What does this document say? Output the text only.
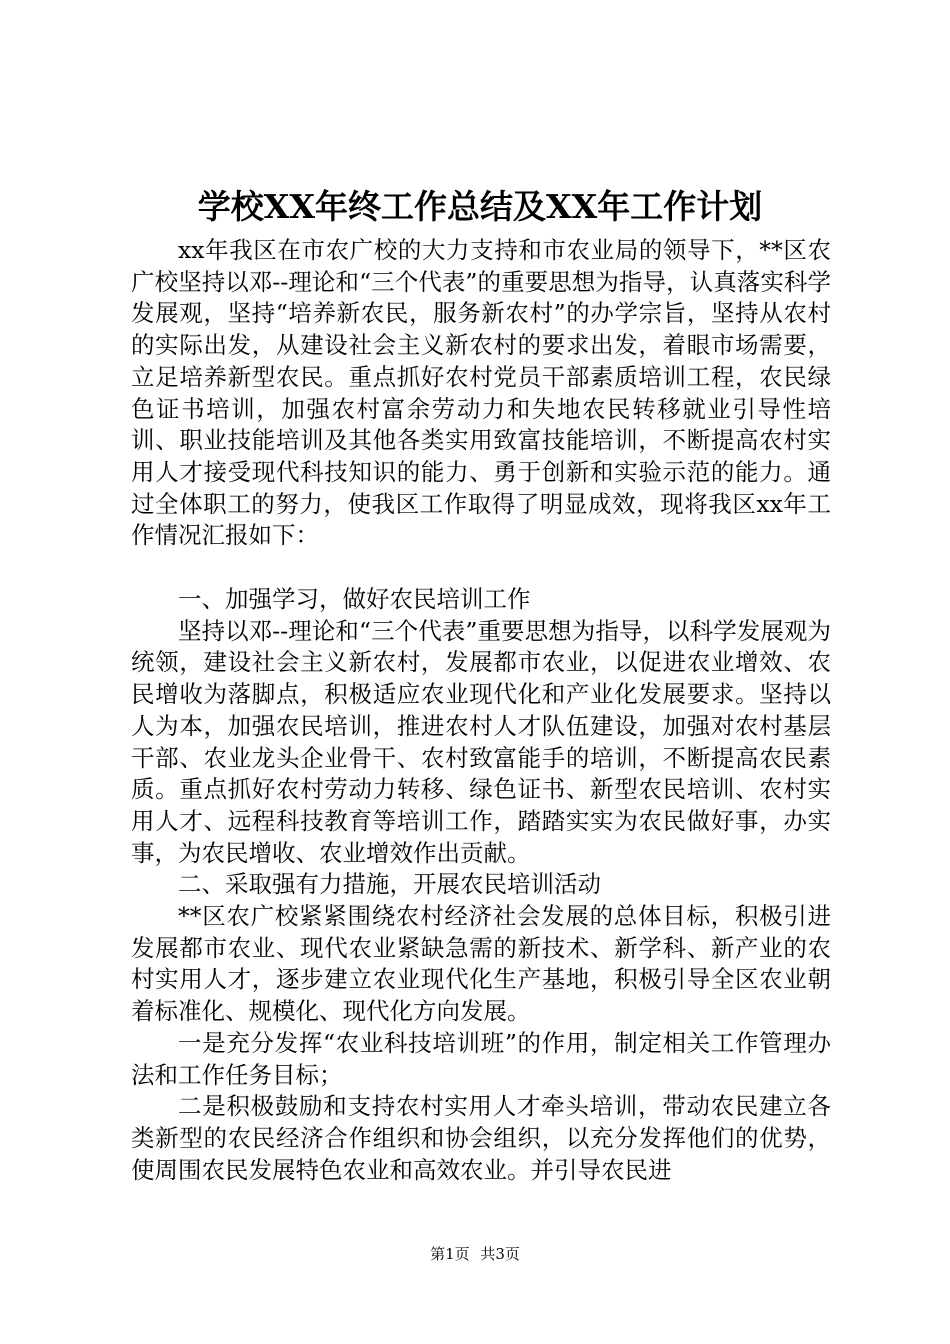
学校XX年终工作总结及XX年工作计划

xx年我区在市农广校的大力支持和市农业局的领导下，**区农广校坚持以邓--理论和“三个代表”的重要思想为指导，认真落实科学发展观，坚持“培养新农民，服务新农村”的办学宗旨，坚持从农村的实际出发，从建设社会主义新农村的要求出发，着眼市场需要，立足培养新型农民。重点抓好农村党员干部素质培训工程，农民绿色证书培训，加强农村富余劳动力和失地农民转移就业引导性培训、职业技能培训及其他各类实用致富技能培训，不断提高农村实用人才接受现代科技知识的能力、勇于创新和实验示范的能力。通过全体职工的努力，使我区工作取得了明显成效，现将我区xx年工作情况汇报如下：

一、加强学习，做好农民培训工作

坚持以邓--理论和“三个代表”重要思想为指导，以科学发展观为统领，建设社会主义新农村，发展都市农业，以促进农业增效、农民增收为落脚点，积极适应农业现代化和产业化发展要求。坚持以人为本，加强农民培训，推进农村人才队伍建设，加强对农村基层干部、农业龙头企业骨干、农村致富能手的培训，不断提高农民素质。重点抓好农村劳动力转移、绿色证书、新型农民培训、农村实用人才、远程科技教育等培训工作，踏踏实实为农民做好事，办实事，为农民增收、农业增效作出贡献。

二、采取强有力措施，开展农民培训活动

**区农广校紧紧围绕农村经济社会发展的总体目标，积极引进发展都市农业、现代农业紧缺急需的新技术、新学科、新产业的农村实用人才，逐步建立农业现代化生产基地，积极引导全区农业朝着标准化、规模化、现代化方向发展。

一是充分发挥“农业科技培训班”的作用，制定相关工作管理办法和工作任务目标；

二是积极鼓励和支持农村实用人才牵头培训，带动农民建立各类新型的农民经济合作组织和协会组织，以充分发挥他们的优势，使周围农民发展特色农业和高效农业。并引导农民进

第1页 共3页
